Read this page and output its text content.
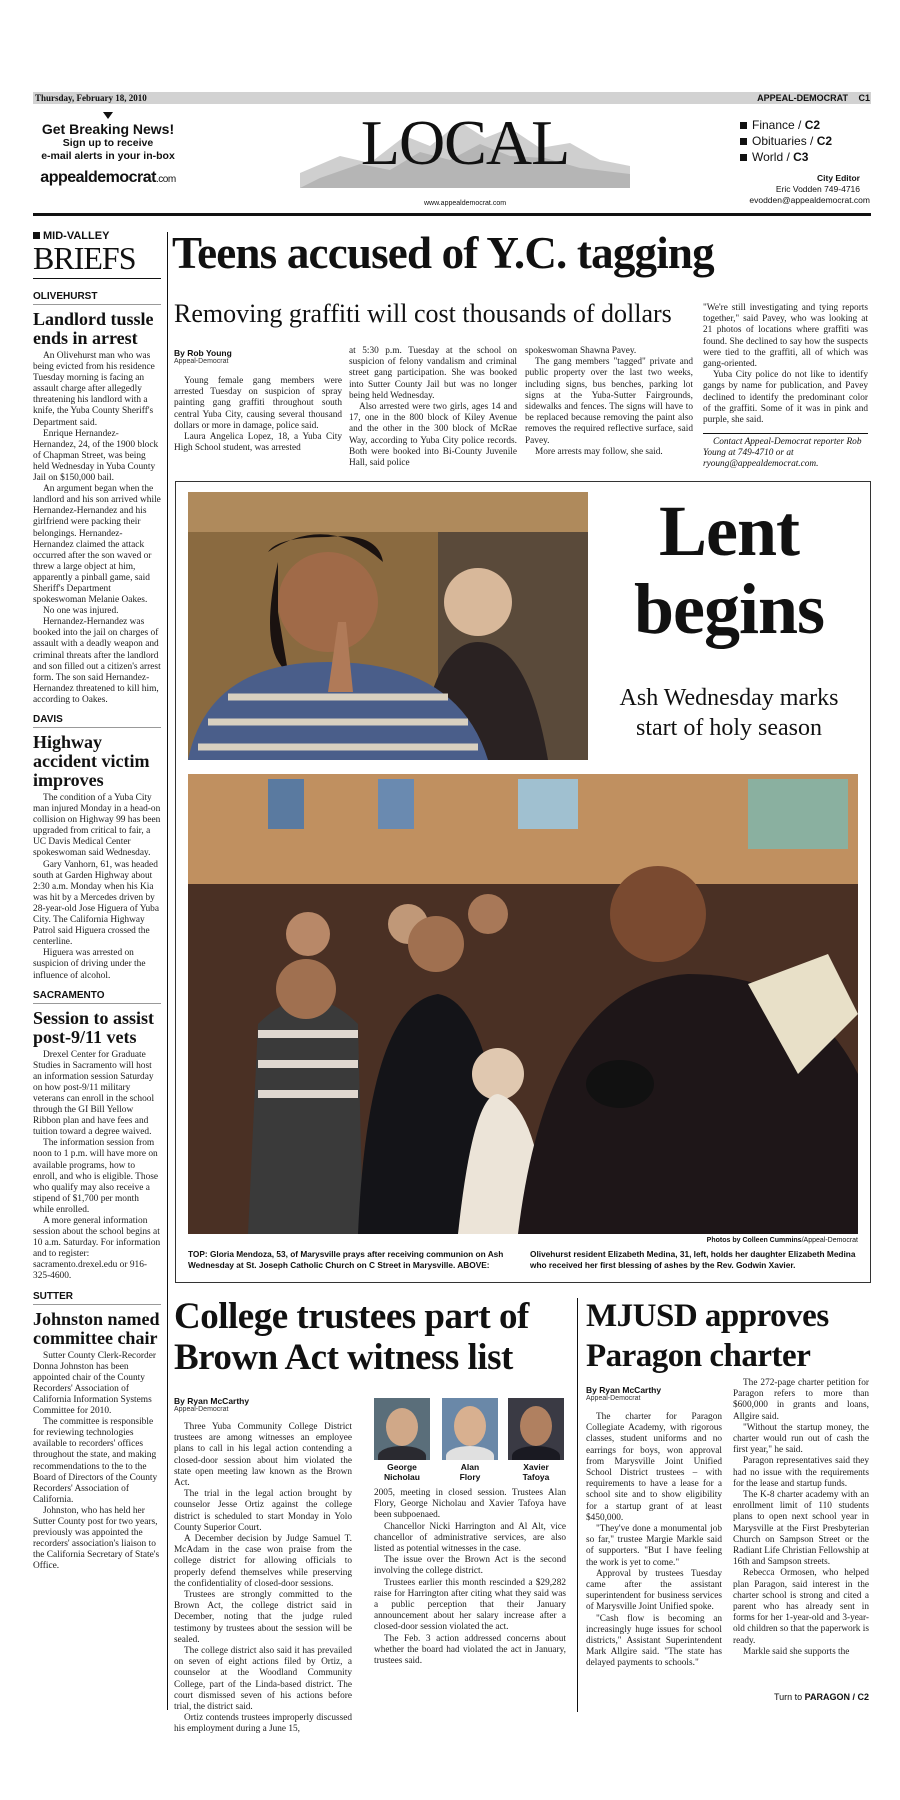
Thursday, February 18, 2010	APPEAL-DEMOCRAT C1
Get Breaking News!
Sign up to receive
e-mail alerts in your in-box
appealdemocrat.com
LOCAL
www.appealdemocrat.com
Finance / C2
Obituaries / C2
World / C3
City Editor
Eric Vodden 749-4716
evodden@appealdemocrat.com
MID-VALLEY
BRIEFS
OLIVEHURST
Landlord tussle ends in arrest

An Olivehurst man who was being evicted from his residence Tuesday morning is facing an assault charge after allegedly threatening his landlord with a knife, the Yuba County Sheriff's Department said.

Enrique Hernandez-Hernandez, 24, of the 1900 block of Chapman Street, was being held Wednesday in Yuba County Jail on $150,000 bail.

An argument began when the landlord and his son arrived while Hernandez-Hernandez and his girlfriend were packing their belongings. Hernandez-Hernandez claimed the attack occurred after the son waved or threw a large object at him, apparently a pinball game, said Sheriff's Department spokeswoman Melanie Oakes.

No one was injured.

Hernandez-Hernandez was booked into the jail on charges of assault with a deadly weapon and criminal threats after the landlord and son filled out a citizen's arrest form. The son said Hernandez-Hernandez threatened to kill him, according to Oakes.

DAVIS
Highway accident victim improves

The condition of a Yuba City man injured Monday in a head-on collision on Highway 99 has been upgraded from critical to fair, a UC Davis Medical Center spokeswoman said Wednesday.

Gary Vanhorn, 61, was headed south at Garden Highway about 2:30 a.m. Monday when his Kia was hit by a Mercedes driven by 28-year-old Jose Higuera of Yuba City. The California Highway Patrol said Higuera crossed the centerline.

Higuera was arrested on suspicion of driving under the influence of alcohol.

SACRAMENTO
Session to assist post-9/11 vets

Drexel Center for Graduate Studies in Sacramento will host an information session Saturday on how post-9/11 military veterans can enroll in the school through the GI Bill Yellow Ribbon plan and have fees and tuition toward a degree waived.

The information session from noon to 1 p.m. will have more on available programs, how to enroll, and who is eligible. Those who qualify may also receive a stipend of $1,700 per month while enrolled.

A more general information session about the school begins at 10 a.m. Saturday. For information and to register: sacramento.drexel.edu or 916-325-4600.

SUTTER
Johnston named committee chair

Sutter County Clerk-Recorder Donna Johnston has been appointed chair of the County Recorders' Association of California Information Systems Committee for 2010.

The committee is responsible for reviewing technologies available to recorders' offices throughout the state, and making recommendations to the to the Board of Directors of the County Recorders' Association of California.

Johnston, who has held her Sutter County post for two years, previously was appointed the recorders' association's liaison to the California Secretary of State's Office.

Teens accused of Y.C. tagging
Removing graffiti will cost thousands of dollars
By Rob Young
Appeal-Democrat

Young female gang members were arrested Tuesday on suspicion of spray painting gang graffiti throughout south central Yuba City, causing several thousand dollars or more in damage, police said.

Laura Angelica Lopez, 18, a Yuba City High School student, was arrested

at 5:30 p.m. Tuesday at the school on suspicion of felony vandalism and criminal street gang participation. She was booked into Sutter County Jail but was no longer being held Wednesday.

Also arrested were two girls, ages 14 and 17, one in the 800 block of Kiley Avenue and the other in the 300 block of McRae Way, according to Yuba City police records. Both were booked into Bi-County Juvenile Hall, said police

spokeswoman Shawna Pavey.

The gang members "tagged" private and public property over the last two weeks, including signs, bus benches, parking lot signs at the Yuba-Sutter Fairgrounds, sidewalks and fences. The signs will have to be replaced because removing the paint also removes the required reflective surface, said Pavey.

More arrests may follow, she said.

"We're still investigating and tying reports together," said Pavey, who was looking at 21 photos of locations where graffiti was found. She declined to say how the suspects were tied to the graffiti, all of which was gang-oriented.

Yuba City police do not like to identify gangs by name for publication, and Pavey declined to identify the predominant color of the graffiti. Some of it was in pink and purple, she said.

Contact Appeal-Democrat reporter Rob Young at 749-4710 or at ryoung@appealdemocrat.com.
Lent
begins
Ash Wednesday marks
start of holy season
Photos by Colleen Cummins/Appeal-Democrat
TOP: Gloria Mendoza, 53, of Marysville prays after receiving communion on Ash Wednesday at St. Joseph Catholic Church on C Street in Marysville. ABOVE:
Olivehurst resident Elizabeth Medina, 31, left, holds her daughter Elizabeth Medina who received her first blessing of ashes by the Rev. Godwin Xavier.
College trustees part of
Brown Act witness list
By Ryan McCarthy
Appeal-Democrat

Three Yuba Community College District trustees are among witnesses an employee plans to call in his legal action contending a closed-door session about him violated the state open meeting law known as the Brown Act.

The trial in the legal action brought by counselor Jesse Ortiz against the college district is scheduled to start Monday in Yolo County Superior Court.

A December decision by Judge Samuel T. McAdam in the case won praise from the college district for allowing officials to properly defend themselves while preserving the confidentiality of closed-door sessions.

Trustees are strongly committed to the Brown Act, the college district said in December, noting that the judge ruled testimony by trustees about the session will be sealed.

The college district also said it has prevailed on seven of eight actions filed by Ortiz, a counselor at the Woodland Community College, part of the Linda-based district. The court dismissed seven of his actions before trial, the district said.

Ortiz contends trustees improperly discussed his employment during a June 15,

George
Nicholau
Alan
Flory
Xavier
Tafoya

2005, meeting in closed session. Trustees Alan Flory, George Nicholau and Xavier Tafoya have been subpoenaed.

Chancellor Nicki Harrington and Al Alt, vice chancellor of administrative services, are also listed as potential witnesses in the case.

The issue over the Brown Act is the second involving the college district.

Trustees earlier this month rescinded a $29,282 raise for Harrington after citing what they said was a public perception that their January announcement about her salary increase after a closed-door session violated the act.

The Feb. 3 action addressed concerns about whether the board had violated the act in January, trustees said.

MJUSD approves
Paragon charter
By Ryan McCarthy
Appeal-Democrat

The charter for Paragon Collegiate Academy, with rigorous classes, student uniforms and no earrings for boys, won approval from Marysville Joint Unified School District trustees – with requirements to have a lease for a school site and to show eligibility for a startup grant of at least $450,000.

"They've done a monumental job so far," trustee Margie Markle said of supporters. "But I have feeling the work is yet to come."

Approval by trustees Tuesday came after the assistant superintendent for business services of Marysville Joint Unified spoke.

"Cash flow is becoming an increasingly huge issues for school districts," Assistant Superintendent Mark Allgire said. "The state has delayed payments to schools."

The 272-page charter petition for Paragon refers to more than $600,000 in grants and loans, Allgire said.

"Without the startup money, the charter would run out of cash the first year," he said.

Paragon representatives said they had no issue with the requirements for the lease and startup funds.

The K-8 charter academy with an enrollment limit of 110 students plans to open next school year in Marysville at the First Presbyterian Church on Sampson Street or the Radiant Life Christian Fellowship at 16th and Sampson streets.

Rebecca Ormosen, who helped plan Paragon, said interest in the charter school is strong and cited a parent who has already sent in forms for her 1-year-old and 3-year-old children so that the paperwork is ready.

Markle said she supports the

Turn to PARAGON / C2
